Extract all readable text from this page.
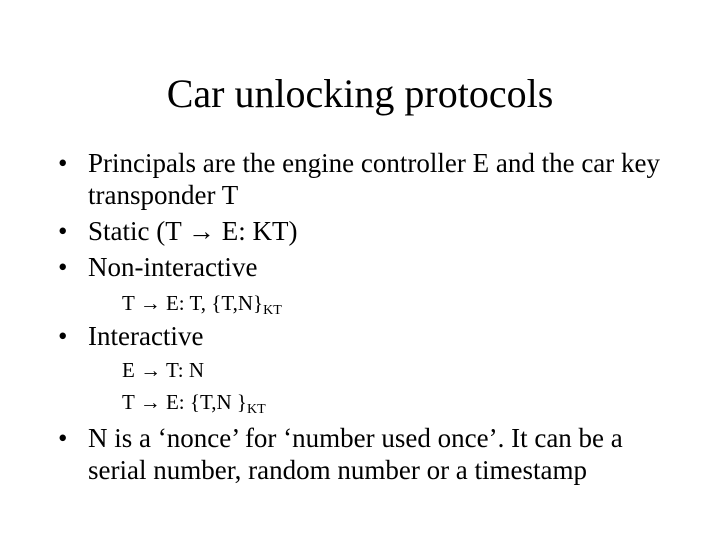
Car unlocking protocols
• Principals are the engine controller E and the car key transponder T
• Static (T → E: KT)
• Non-interactive
T → E: T, {T,N}KT
• Interactive
E → T: N
T → E: {T,N }KT
• N is a ‘nonce’ for ‘number used once’. It can be a serial number, random number or a timestamp
